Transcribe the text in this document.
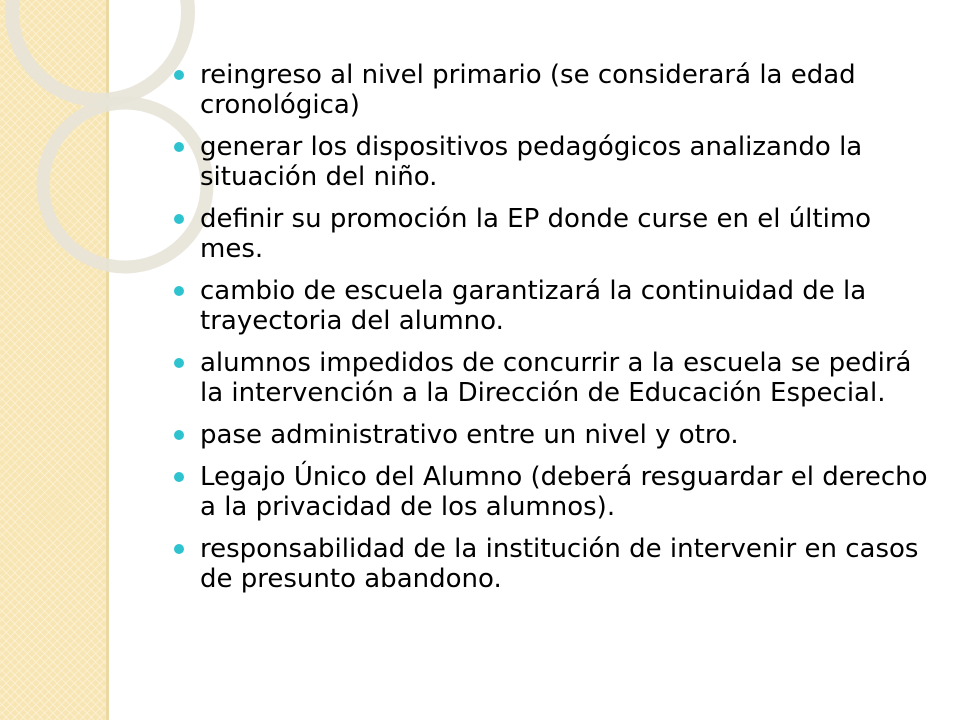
reingreso al nivel primario (se considerará la edad cronológica)
generar los dispositivos pedagógicos analizando la situación del niño.
definir su promoción la EP donde curse en el último mes.
cambio de escuela garantizará la continuidad de la trayectoria del alumno.
alumnos impedidos de concurrir a la escuela se pedirá la intervención a la Dirección de Educación Especial.
pase administrativo entre un nivel y otro.
Legajo Único del Alumno (deberá resguardar el derecho a la privacidad de los alumnos).
responsabilidad de la institución de intervenir en casos de presunto abandono.
